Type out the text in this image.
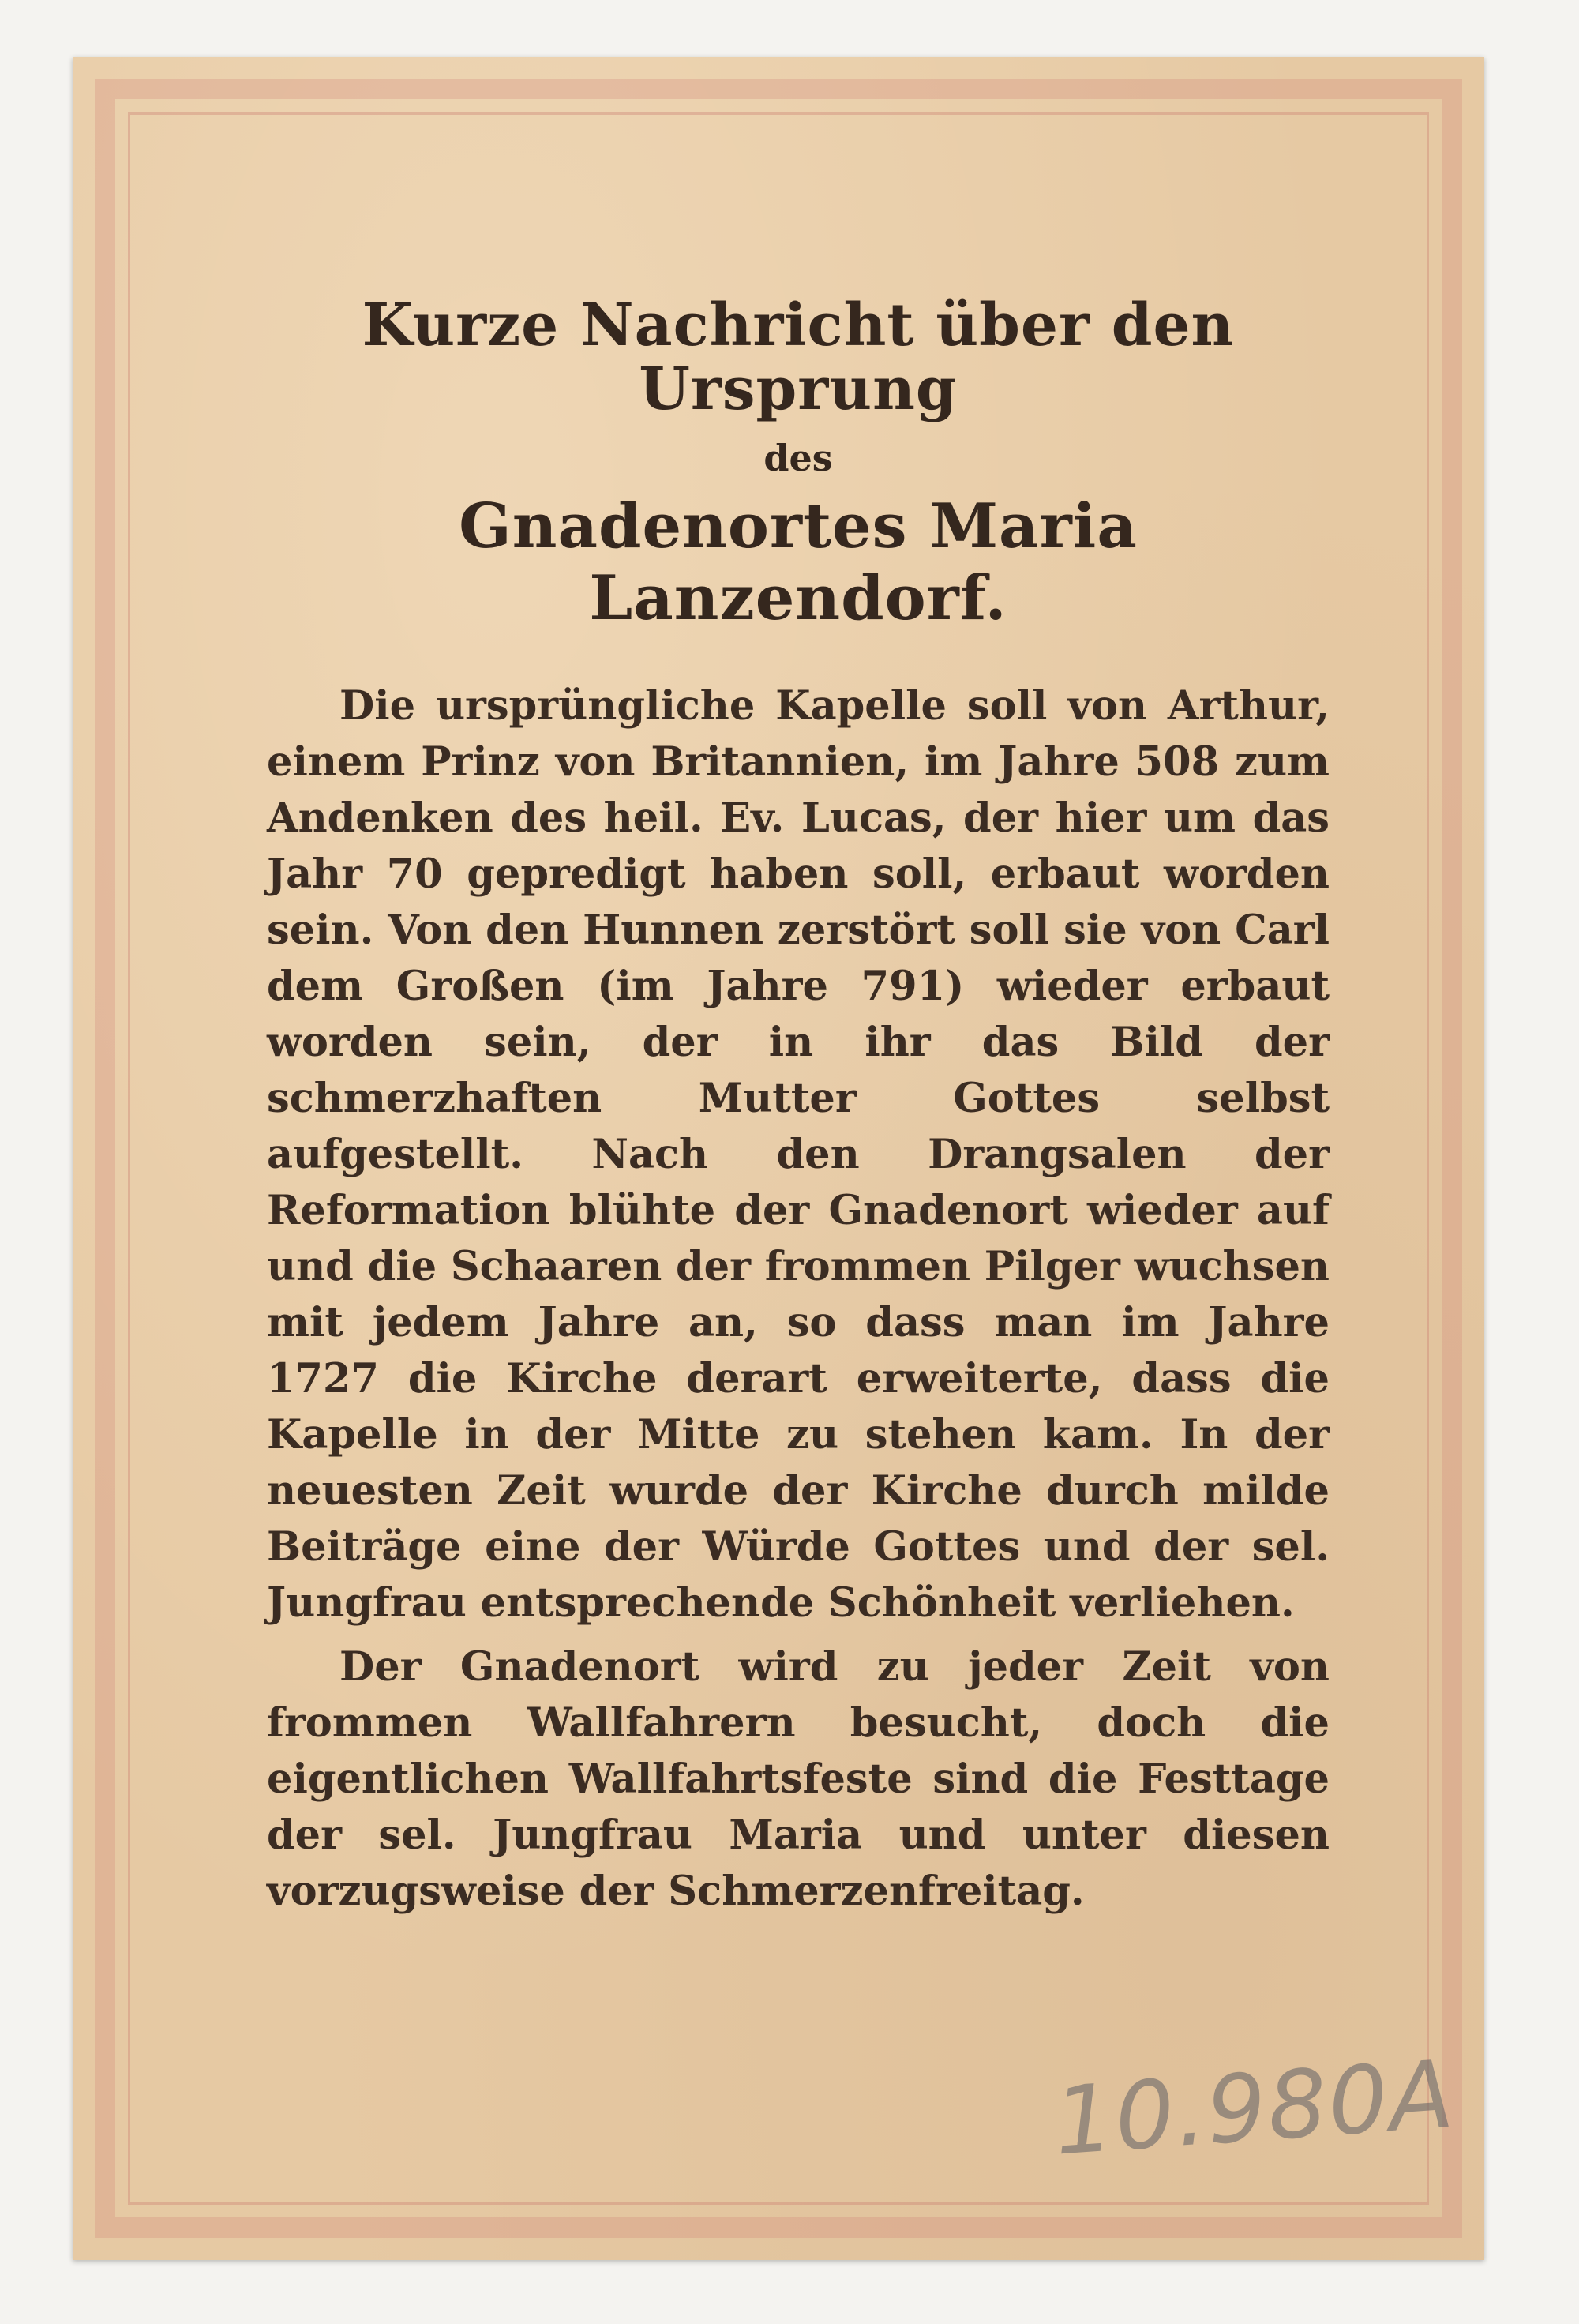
Kurze Nachricht über den Ursprung
des
Gnadenortes Maria Lanzendorf.

Die ursprüngliche Kapelle soll von Arthur, einem Prinz von Britannien, im Jahre 508 zum Andenken des heil. Ev. Lucas, der hier um das Jahr 70 gepredigt haben soll, erbaut worden sein. Von den Hunnen zerstört soll sie von Carl dem Großen (im Jahre 791) wieder erbaut worden sein, der in ihr das Bild der schmerzhaften Mutter Gottes selbst aufgestellt. Nach den Drangsalen der Reformation blühte der Gnadenort wieder auf und die Schaaren der frommen Pilger wuchsen mit jedem Jahre an, so dass man im Jahre 1727 die Kirche derart erweiterte, dass die Kapelle in der Mitte zu stehen kam. In der neuesten Zeit wurde der Kirche durch milde Beiträge eine der Würde Gottes und der sel. Jungfrau entsprechende Schönheit verliehen.

Der Gnadenort wird zu jeder Zeit von frommen Wallfahrern besucht, doch die eigentlichen Wallfahrtsfeste sind die Festtage der sel. Jungfrau Maria und unter diesen vorzugsweise der Schmerzenfreitag.

10.980A
